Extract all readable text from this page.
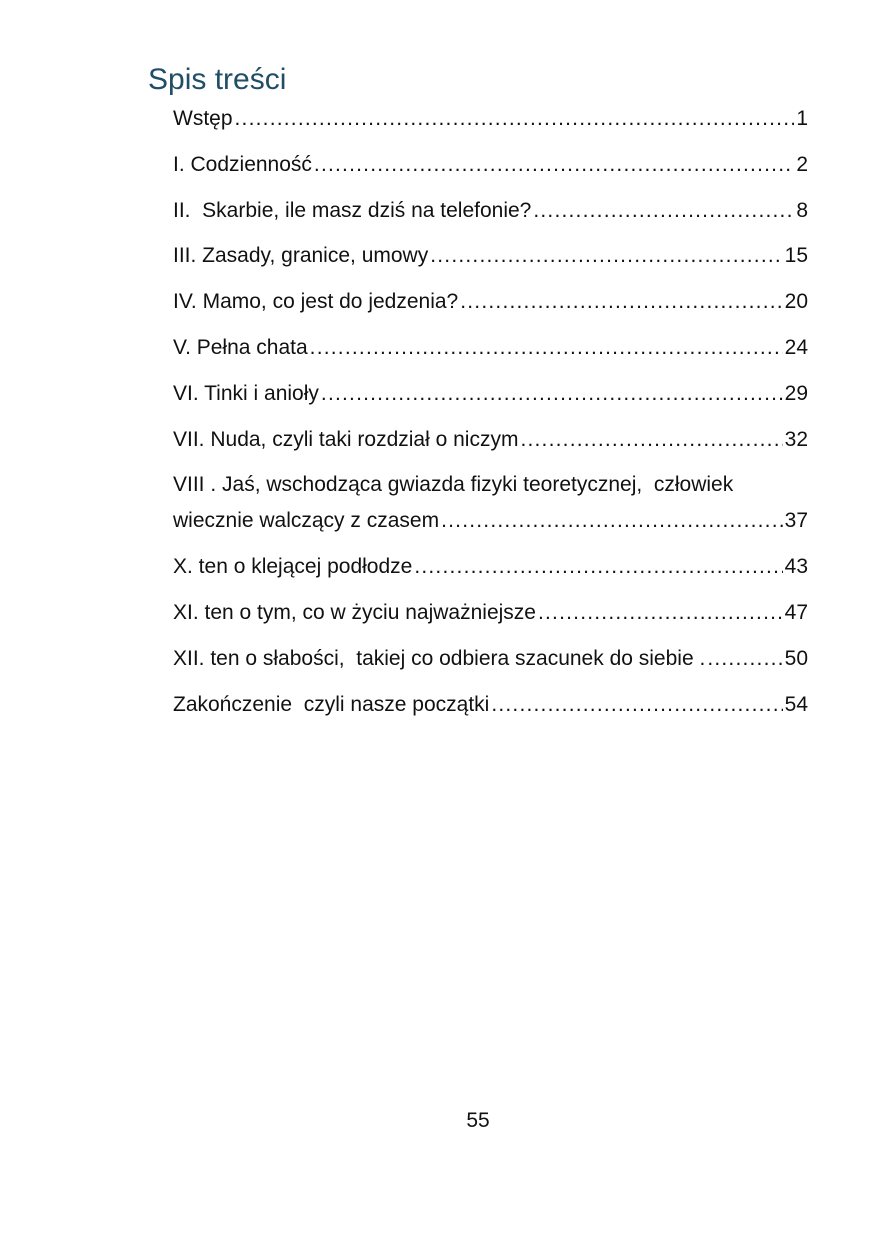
Spis treści
Wstęp .....	1
I. Codzienność .....	2
II.  Skarbie, ile masz dziś na telefonie? .....	8
III. Zasady, granice, umowy .....	15
IV. Mamo, co jest do jedzenia? .....	20
V. Pełna chata .....	24
VI. Tinki i anioły .....	29
VII. Nuda, czyli taki rozdział o niczym .....	32
VIII . Jaś, wschodząca gwiazda fizyki teoretycznej,  człowiek
wiecznie walczący z czasem .....	37
X. ten o klejącej podłodze .....	43
XI. ten o tym, co w życiu najważniejsze .....	47
XII. ten o słabości,  takiej co odbiera szacunek do siebie . .....	50
Zakończenie  czyli nasze początki .....	54
55
